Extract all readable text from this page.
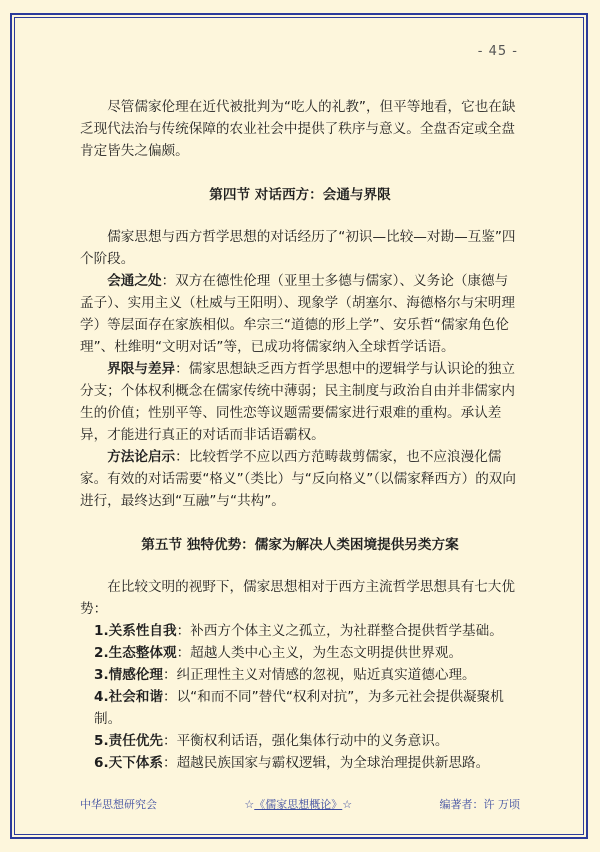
- 45 -

尽管儒家伦理在近代被批判为“吃人的礼教”，但平等地看，它也在缺乏现代法治与传统保障的农业社会中提供了秩序与意义。全盘否定或全盘肯定皆失之偏颇。

第四节 对话西方：会通与界限

儒家思想与西方哲学思想的对话经历了“初识—比较—对勘—互鉴”四个阶段。

会通之处：双方在德性伦理（亚里士多德与儒家）、义务论（康德与孟子）、实用主义（杜威与王阳明）、现象学（胡塞尔、海德格尔与宋明理学）等层面存在家族相似。牟宗三“道德的形上学”、安乐哲“儒家角色伦理”、杜维明“文明对话”等，已成功将儒家纳入全球哲学话语。

界限与差异：儒家思想缺乏西方哲学思想中的逻辑学与认识论的独立分支；个体权利概念在儒家传统中薄弱；民主制度与政治自由并非儒家内生的价值；性别平等、同性恋等议题需要儒家进行艰难的重构。承认差异，才能进行真正的对话而非话语霸权。

方法论启示：比较哲学不应以西方范畴裁剪儒家，也不应浪漫化儒家。有效的对话需要“格义”（类比）与“反向格义”（以儒家释西方）的双向进行，最终达到“互融”与“共构”。

第五节 独特优势：儒家为解决人类困境提供另类方案

在比较文明的视野下，儒家思想相对于西方主流哲学思想具有七大优势：

1.关系性自我：补西方个体主义之孤立，为社群整合提供哲学基础。

2.生态整体观：超越人类中心主义，为生态文明提供世界观。

3.情感伦理：纠正理性主义对情感的忽视，贴近真实道德心理。

4.社会和谐：以“和而不同”替代“权利对抗”，为多元社会提供凝聚机制。

5.责任优先：平衡权利话语，强化集体行动中的义务意识。

6.天下体系：超越民族国家与霸权逻辑，为全球治理提供新思路。

中华思想研究会	☆《儒家思想概论》☆	编著者：许 万顷
